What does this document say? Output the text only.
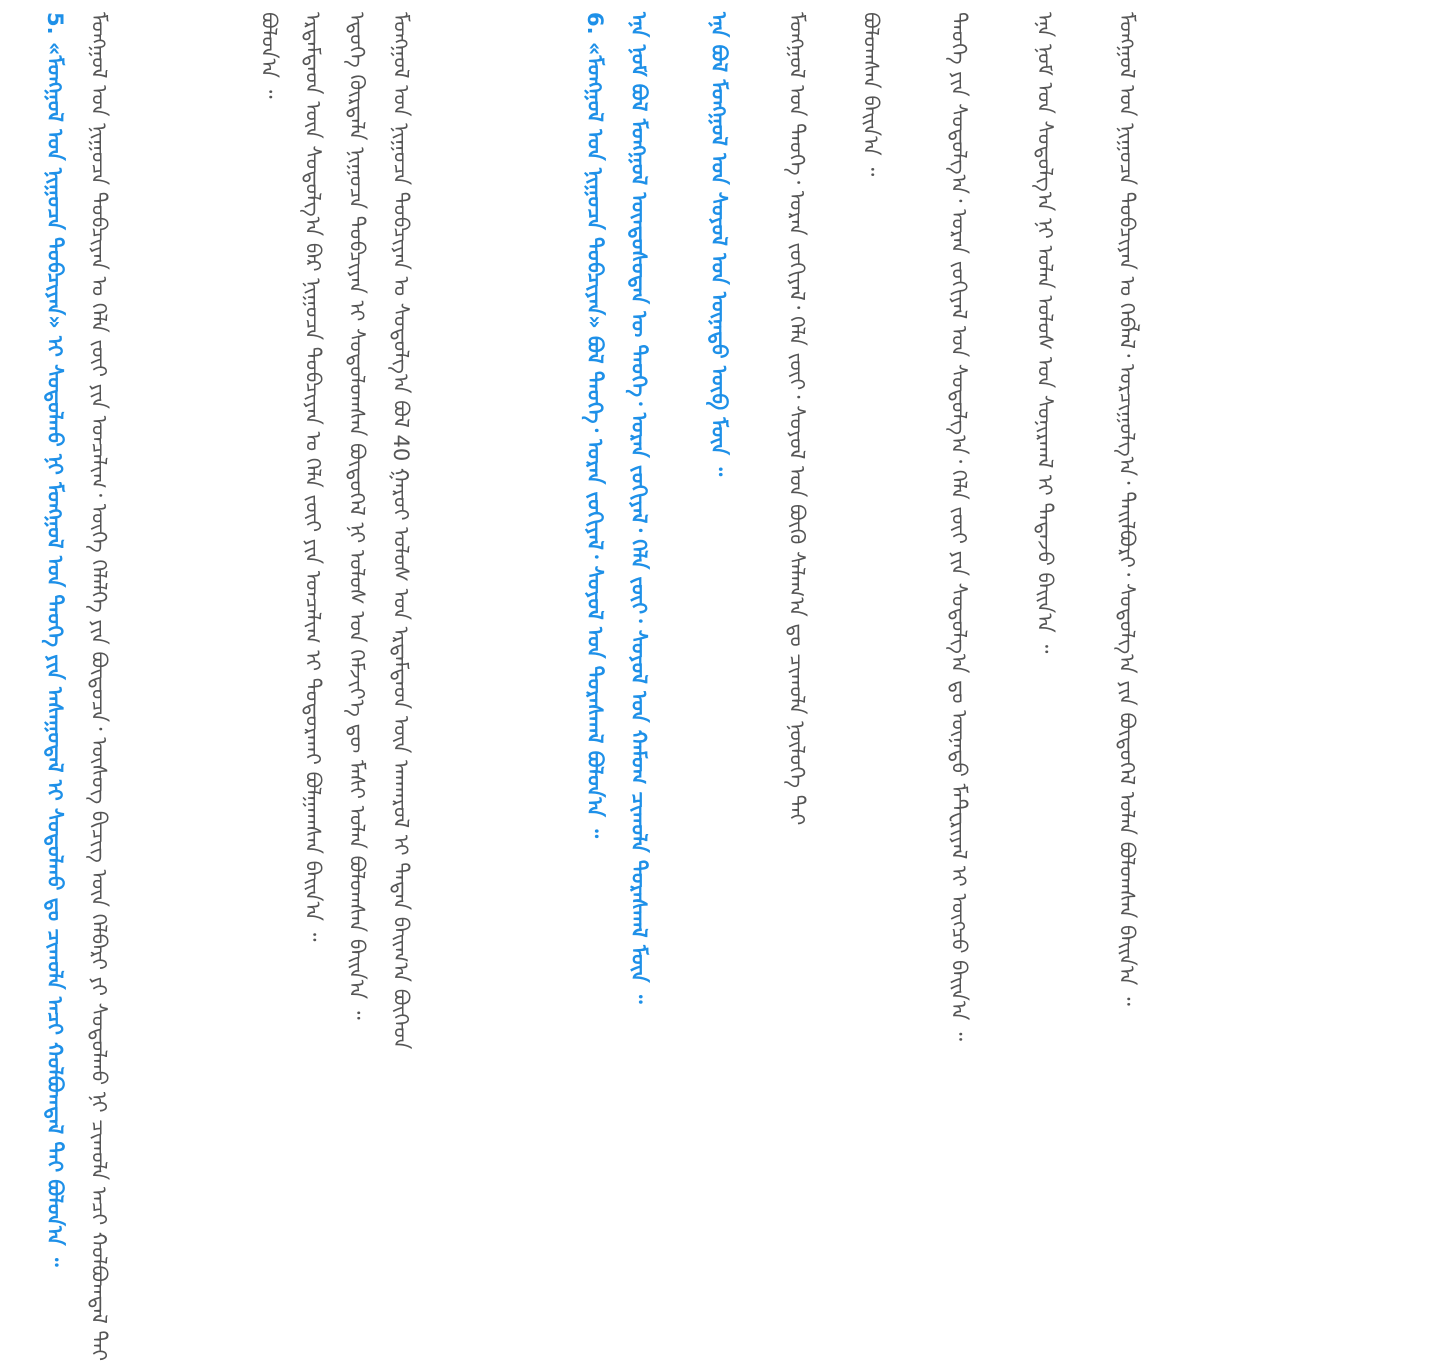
5. «ᠮᠣᠩᠭᠣᠯ ᠤᠨ ᠨᠢᠭᠤᠴᠠ ᠲᠣᠪᠴᠢᠶᠠᠨ» ᠢ ᠰᠤᠳᠤᠯᠬᠤ ᠨᠢ ᠮᠣᠩᠭᠣᠯ ᠤᠨ ᠲᠡᠦᠬᠡ ᠶᠢᠨ ᠠᠰᠠᠭᠤᠳᠠᠯ ᠢ ᠰᠤᠳᠤᠯᠬᠤ ᠳᠤ ᠴᠢᠬᠤᠯᠠ ᠠᠴᠢ ᠬᠣᠯᠪᠣᠭᠳᠠᠯ ᠲᠠᠢ ᠪᠣᠯᠤᠨ᠎ᠠ ᠃ ᠮᠣᠩᠭᠣᠯ ᠤᠨ ᠨᠢᠭᠤᠴᠠ ᠲᠣᠪᠴᠢᠶᠠᠨ ᠤ ᠬᠡᠯᠡ ᠵᠦᠢ ᠶᠢᠨ ᠣᠨᠴᠠᠯᠢᠭ᠂ ᠦᠭᠡ ᠬᠡᠯᠡᠯᠭᠡ ᠶᠢᠨ ᠪᠦᠲᠦᠴᠡ᠂ ᠦᠰᠦᠭ ᠪᠢᠴᠢᠭ ᠦᠨ ᠬᠡᠯᠪᠡᠷᠢ ᠶᠢ ᠰᠤᠳᠤᠯᠬᠤ ᠨᠢ ᠴᠢᠬᠤᠯᠠ ᠠᠴᠢ ᠬᠣᠯᠪᠣᠭᠳᠠᠯ ᠲᠠᠢ	ᠪᠣᠯᠤᠨ᠎ᠠ ᠃ ᠡᠷᠳᠡᠮᠲᠡᠳ ᠦᠨ ᠰᠤᠳᠤᠯᠭ᠎ᠠ ᠪᠠᠷ ᠨᠢᠭᠤᠴᠠ ᠲᠣᠪᠴᠢᠶᠠᠨ ᠤ ᠬᠡᠯᠡ ᠵᠦᠢ ᠶᠢᠨ ᠣᠨᠴᠠᠯᠢᠭ ᠢ ᠲᠣᠳᠣᠷᠬᠠᠢ ᠪᠣᠯᠭᠠᠭᠰᠠᠨ ᠪᠠᠢᠨ᠎ᠠ ᠃ ᠡᠳᠦᠭᠡ ᠬᠦᠷᠲᠡᠯᠡ ᠨᠢᠭᠤᠴᠠ ᠲᠣᠪᠴᠢᠶᠠᠨ ᠢ ᠰᠤᠳᠤᠯᠤᠭᠰᠠᠨ ᠪᠦᠲᠦᠭᠡᠯ ᠨᠢ ᠤᠯᠤᠰ ᠤᠨ ᠬᠡᠮᠵᠢᠶ᠎ᠡ ᠳᠦ ᠮᠠᠰᠢ ᠣᠯᠠᠨ ᠪᠣᠯᠤᠭᠰᠠᠨ ᠪᠠᠢᠨ᠎ᠠ ᠃ ᠮᠣᠩᠭᠣᠯ ᠤᠨ ᠨᠢᠭᠤᠴᠠ ᠲᠣᠪᠴᠢᠶᠠᠨ ᠤ ᠰᠤᠳᠤᠯᠭ᠎ᠠ ᠪᠣᠯ 40 ᠭᠠᠷᠤᠢ ᠤᠯᠤᠰ ᠤᠨ ᠡᠷᠳᠡᠮᠲᠡᠳ ᠦᠨ ᠠᠨᠬᠠᠷᠤᠯ ᠢ ᠲᠠᠲᠠᠨ ᠪᠠᠢᠭ᠎ᠠ ᠪᠥᠭᠡᠳ	6. «ᠮᠣᠩᠭᠣᠯ ᠤᠨ ᠨᠢᠭᠤᠴᠠ ᠲᠣᠪᠴᠢᠶᠠᠨ» ᠪᠣᠯ ᠲᠡᠦᠬᠡ᠂ ᠤᠷᠠᠨ ᠵᠣᠬᠢᠶᠠᠯ᠂ ᠰᠤᠶᠤᠯ ᠤᠨ ᠳᠤᠷᠠᠰᠬᠠᠯ ᠪᠣᠯᠤᠨ᠎ᠠ ᠃ ᠡᠨᠡ ᠨᠣᠮ ᠪᠣᠯ ᠮᠣᠩᠭᠣᠯ ᠦᠨᠳᠦᠰᠦᠲᠡᠨ ᠦ ᠲᠡᠦᠬᠡ᠂ ᠤᠷᠠᠨ ᠵᠣᠬᠢᠶᠠᠯ᠂ ᠬᠡᠯᠡ ᠵᠦᠢ᠂ ᠰᠤᠶᠤᠯ ᠤᠨ ᠬᠠᠮᠤᠭ ᠴᠢᠬᠤᠯᠠ ᠳᠤᠷᠠᠰᠬᠠᠯ ᠮᠥᠨ ᠃	ᠡᠨᠡ ᠪᠣᠯ ᠮᠣᠩᠭᠣᠯ ᠤᠨ ᠰᠣᠶᠣᠯ ᠤᠨ ᠦᠨᠡᠲᠦ ᠥᠪ ᠮᠥᠨ ᠃	ᠮᠣᠩᠭᠣᠯ ᠤᠨ ᠲᠡᠦᠬᠡ᠂ ᠤᠷᠠᠨ ᠵᠣᠬᠢᠶᠠᠯ᠂ ᠬᠡᠯᠡ ᠵᠦᠢ᠂ ᠰᠤᠶᠤᠯ ᠤᠨ ᠪᠦᠬᠦ ᠰᠠᠯᠠᠭ᠎ᠠ ᠳᠤ ᠴᠢᠬᠤᠯᠠ ᠨᠥᠯᠥᠭᠡ ᠲᠠᠢ ᠪᠣᠯᠤᠭᠰᠠᠨ ᠪᠠᠢᠨ᠎ᠠ ᠃	ᠲᠡᠦᠬᠡ ᠶᠢᠨ ᠰᠤᠳᠤᠯᠭ᠎ᠠ᠂ ᠤᠷᠠᠨ ᠵᠣᠬᠢᠶᠠᠯ ᠤᠨ ᠰᠤᠳᠤᠯᠭ᠎ᠠ᠂ ᠬᠡᠯᠡ ᠵᠦᠢ ᠶᠢᠨ ᠰᠤᠳᠤᠯᠭ᠎ᠠ ᠳᠤ ᠦᠨᠡᠲᠦ ᠮᠠᠲᠧᠷᠢᠶᠠᠯ ᠢ ᠥᠭᠴᠦ ᠪᠠᠢᠨ᠎ᠠ ᠃	ᠡᠨᠡ ᠨᠣᠮ ᠤᠨ ᠰᠤᠳᠤᠯᠭ᠎ᠠ ᠨᠢ ᠣᠯᠠᠨ ᠤᠯᠤᠰ ᠤᠨ ᠰᠣᠨᠢᠷᠬᠠᠯ ᠢ ᠲᠠᠲᠠᠵᠤ ᠪᠠᠢᠨ᠎ᠠ ᠃	ᠮᠣᠩᠭᠣᠯ ᠤᠨ ᠨᠢᠭᠤᠴᠠ ᠲᠣᠪᠴᠢᠶᠠᠨ ᠤ ᠬᠡᠪᠯᠡᠯ᠂ ᠣᠷᠴᠢᠭᠤᠯᠭ᠎ᠠ᠂ ᠲᠠᠢᠯᠪᠤᠷᠢ᠂ ᠰᠤᠳᠤᠯᠭ᠎ᠠ ᠶᠢᠨ ᠪᠦᠲᠦᠭᠡᠯ ᠣᠯᠠᠨ ᠪᠣᠯᠤᠭᠰᠠᠨ ᠪᠠᠢᠨ᠎ᠠ ᠃
